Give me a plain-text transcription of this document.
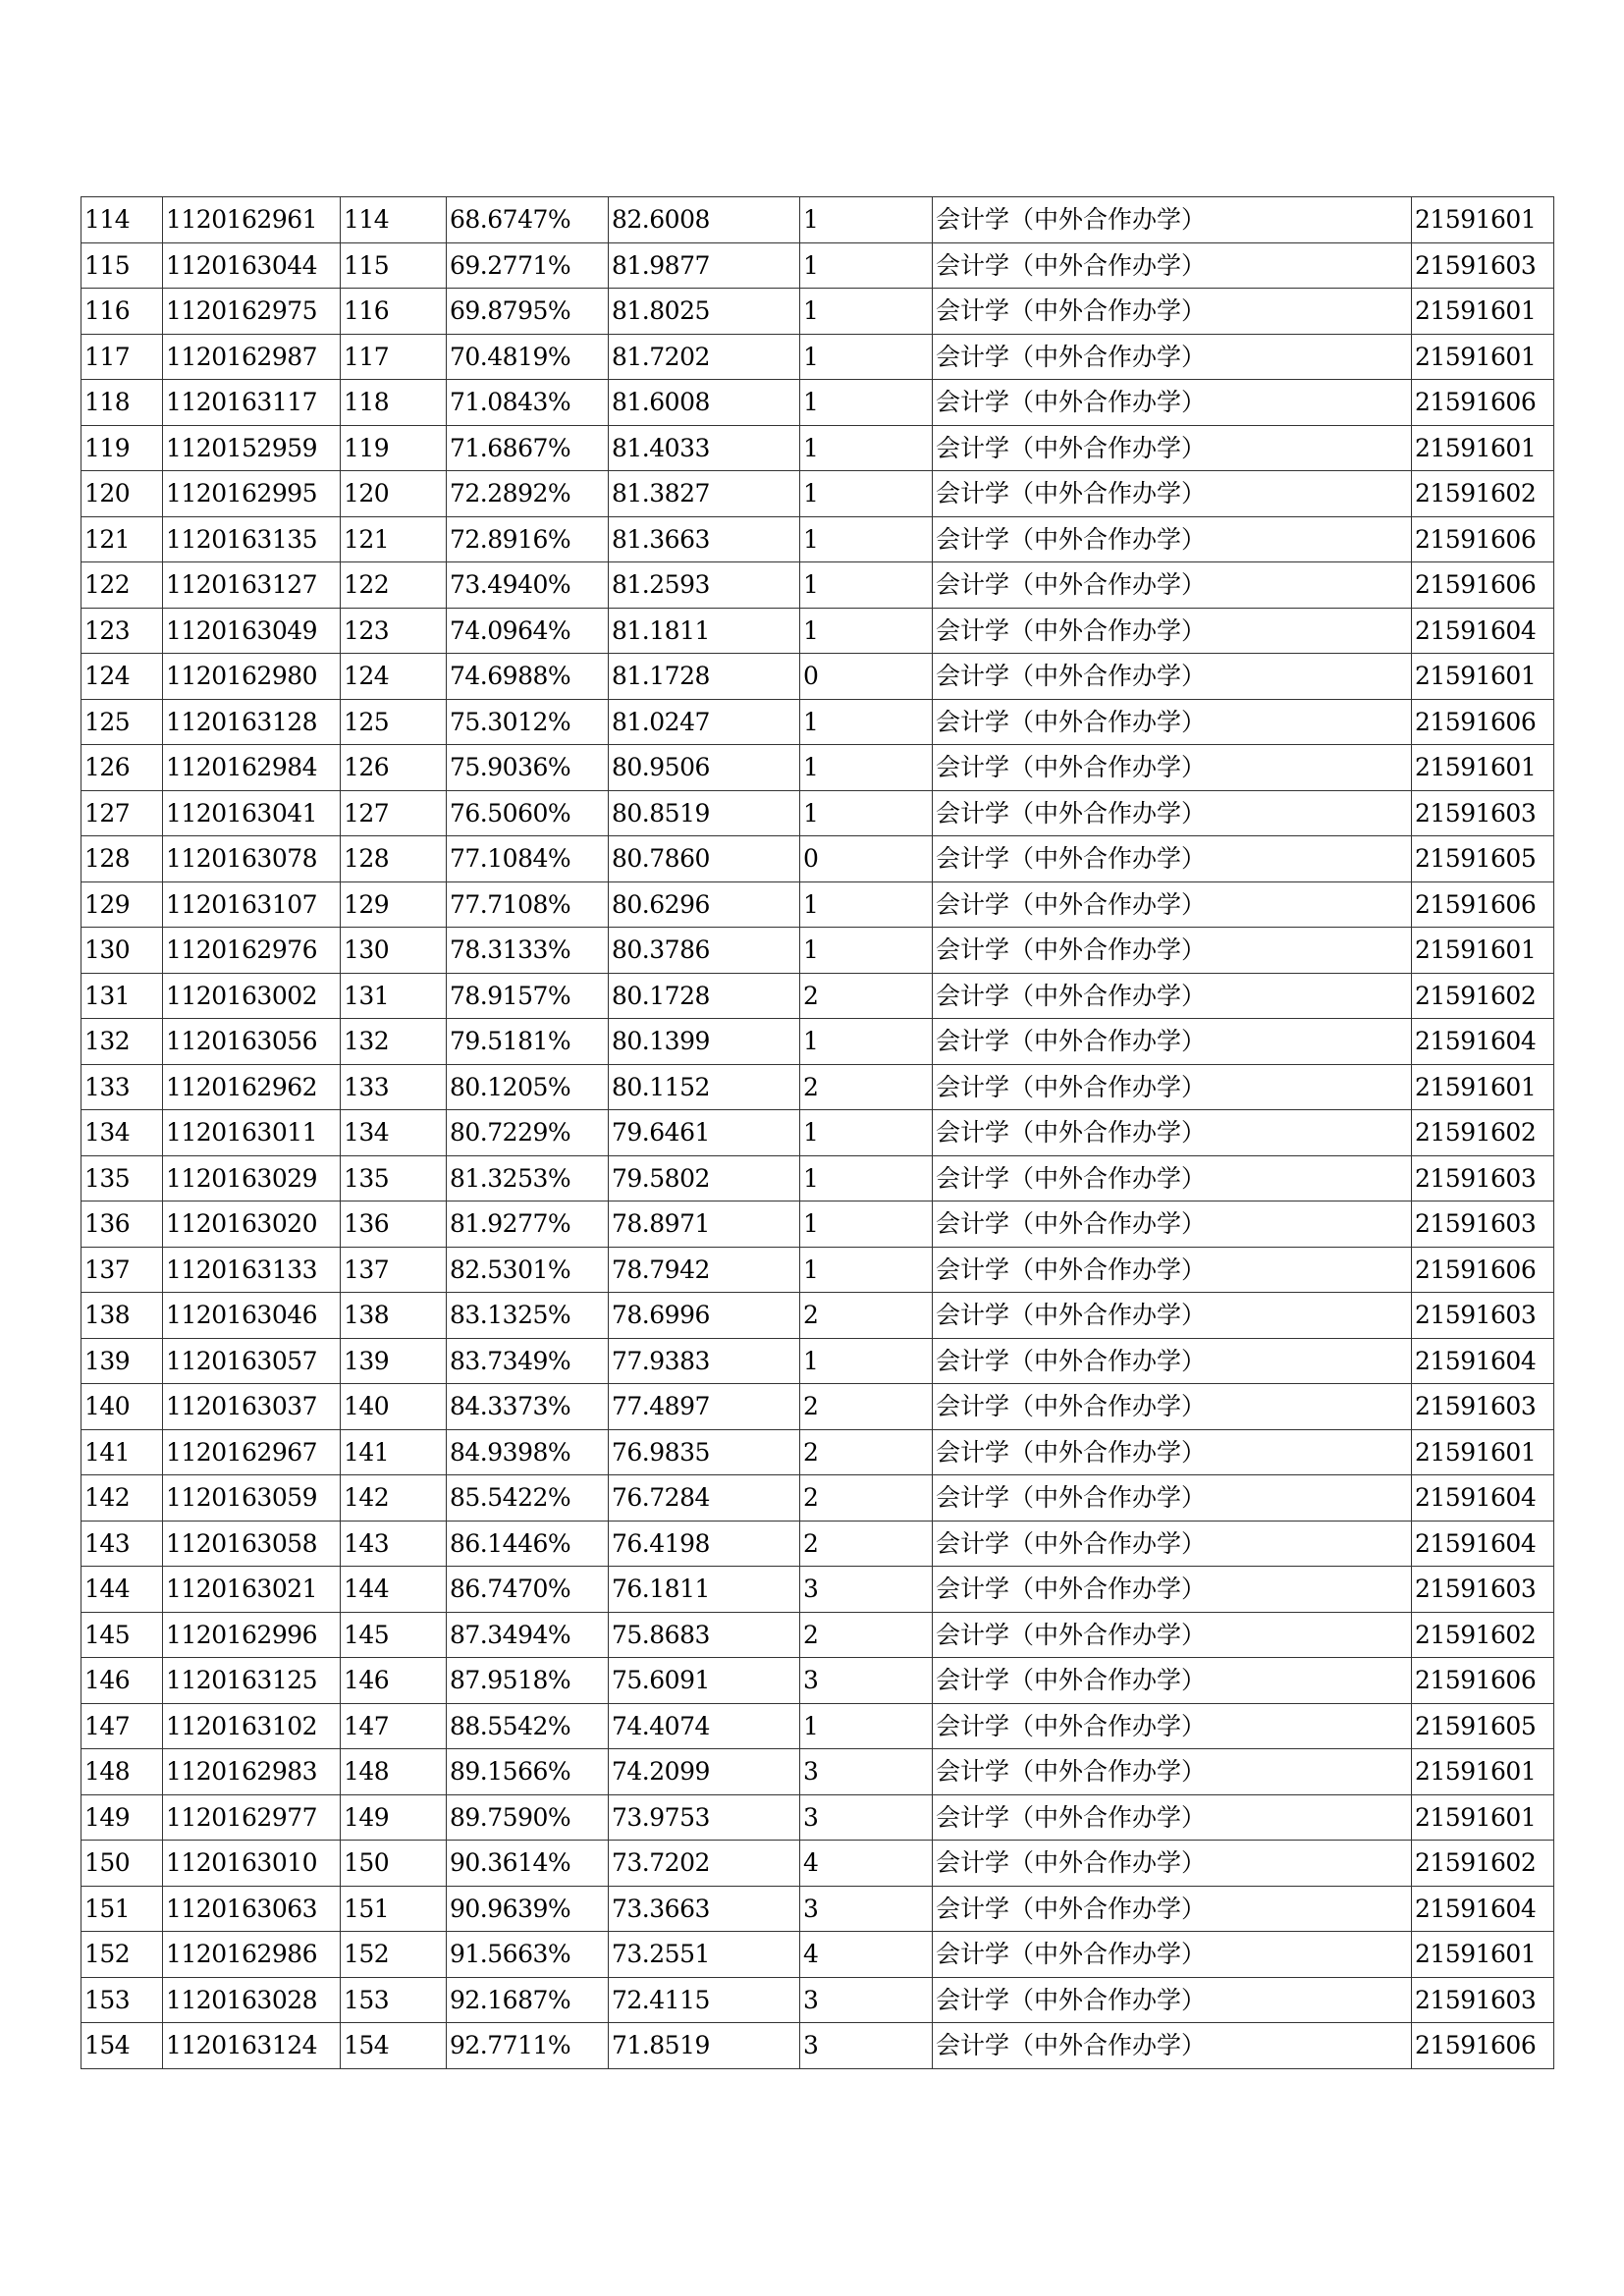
114	1120162961	114	68.6747%	82.6008	1	会计学（中外合作办学）	21591601
115	1120163044	115	69.2771%	81.9877	1	会计学（中外合作办学）	21591603
116	1120162975	116	69.8795%	81.8025	1	会计学（中外合作办学）	21591601
117	1120162987	117	70.4819%	81.7202	1	会计学（中外合作办学）	21591601
118	1120163117	118	71.0843%	81.6008	1	会计学（中外合作办学）	21591606
119	1120152959	119	71.6867%	81.4033	1	会计学（中外合作办学）	21591601
120	1120162995	120	72.2892%	81.3827	1	会计学（中外合作办学）	21591602
121	1120163135	121	72.8916%	81.3663	1	会计学（中外合作办学）	21591606
122	1120163127	122	73.4940%	81.2593	1	会计学（中外合作办学）	21591606
123	1120163049	123	74.0964%	81.1811	1	会计学（中外合作办学）	21591604
124	1120162980	124	74.6988%	81.1728	0	会计学（中外合作办学）	21591601
125	1120163128	125	75.3012%	81.0247	1	会计学（中外合作办学）	21591606
126	1120162984	126	75.9036%	80.9506	1	会计学（中外合作办学）	21591601
127	1120163041	127	76.5060%	80.8519	1	会计学（中外合作办学）	21591603
128	1120163078	128	77.1084%	80.7860	0	会计学（中外合作办学）	21591605
129	1120163107	129	77.7108%	80.6296	1	会计学（中外合作办学）	21591606
130	1120162976	130	78.3133%	80.3786	1	会计学（中外合作办学）	21591601
131	1120163002	131	78.9157%	80.1728	2	会计学（中外合作办学）	21591602
132	1120163056	132	79.5181%	80.1399	1	会计学（中外合作办学）	21591604
133	1120162962	133	80.1205%	80.1152	2	会计学（中外合作办学）	21591601
134	1120163011	134	80.7229%	79.6461	1	会计学（中外合作办学）	21591602
135	1120163029	135	81.3253%	79.5802	1	会计学（中外合作办学）	21591603
136	1120163020	136	81.9277%	78.8971	1	会计学（中外合作办学）	21591603
137	1120163133	137	82.5301%	78.7942	1	会计学（中外合作办学）	21591606
138	1120163046	138	83.1325%	78.6996	2	会计学（中外合作办学）	21591603
139	1120163057	139	83.7349%	77.9383	1	会计学（中外合作办学）	21591604
140	1120163037	140	84.3373%	77.4897	2	会计学（中外合作办学）	21591603
141	1120162967	141	84.9398%	76.9835	2	会计学（中外合作办学）	21591601
142	1120163059	142	85.5422%	76.7284	2	会计学（中外合作办学）	21591604
143	1120163058	143	86.1446%	76.4198	2	会计学（中外合作办学）	21591604
144	1120163021	144	86.7470%	76.1811	3	会计学（中外合作办学）	21591603
145	1120162996	145	87.3494%	75.8683	2	会计学（中外合作办学）	21591602
146	1120163125	146	87.9518%	75.6091	3	会计学（中外合作办学）	21591606
147	1120163102	147	88.5542%	74.4074	1	会计学（中外合作办学）	21591605
148	1120162983	148	89.1566%	74.2099	3	会计学（中外合作办学）	21591601
149	1120162977	149	89.7590%	73.9753	3	会计学（中外合作办学）	21591601
150	1120163010	150	90.3614%	73.7202	4	会计学（中外合作办学）	21591602
151	1120163063	151	90.9639%	73.3663	3	会计学（中外合作办学）	21591604
152	1120162986	152	91.5663%	73.2551	4	会计学（中外合作办学）	21591601
153	1120163028	153	92.1687%	72.4115	3	会计学（中外合作办学）	21591603
154	1120163124	154	92.7711%	71.8519	3	会计学（中外合作办学）	21591606
